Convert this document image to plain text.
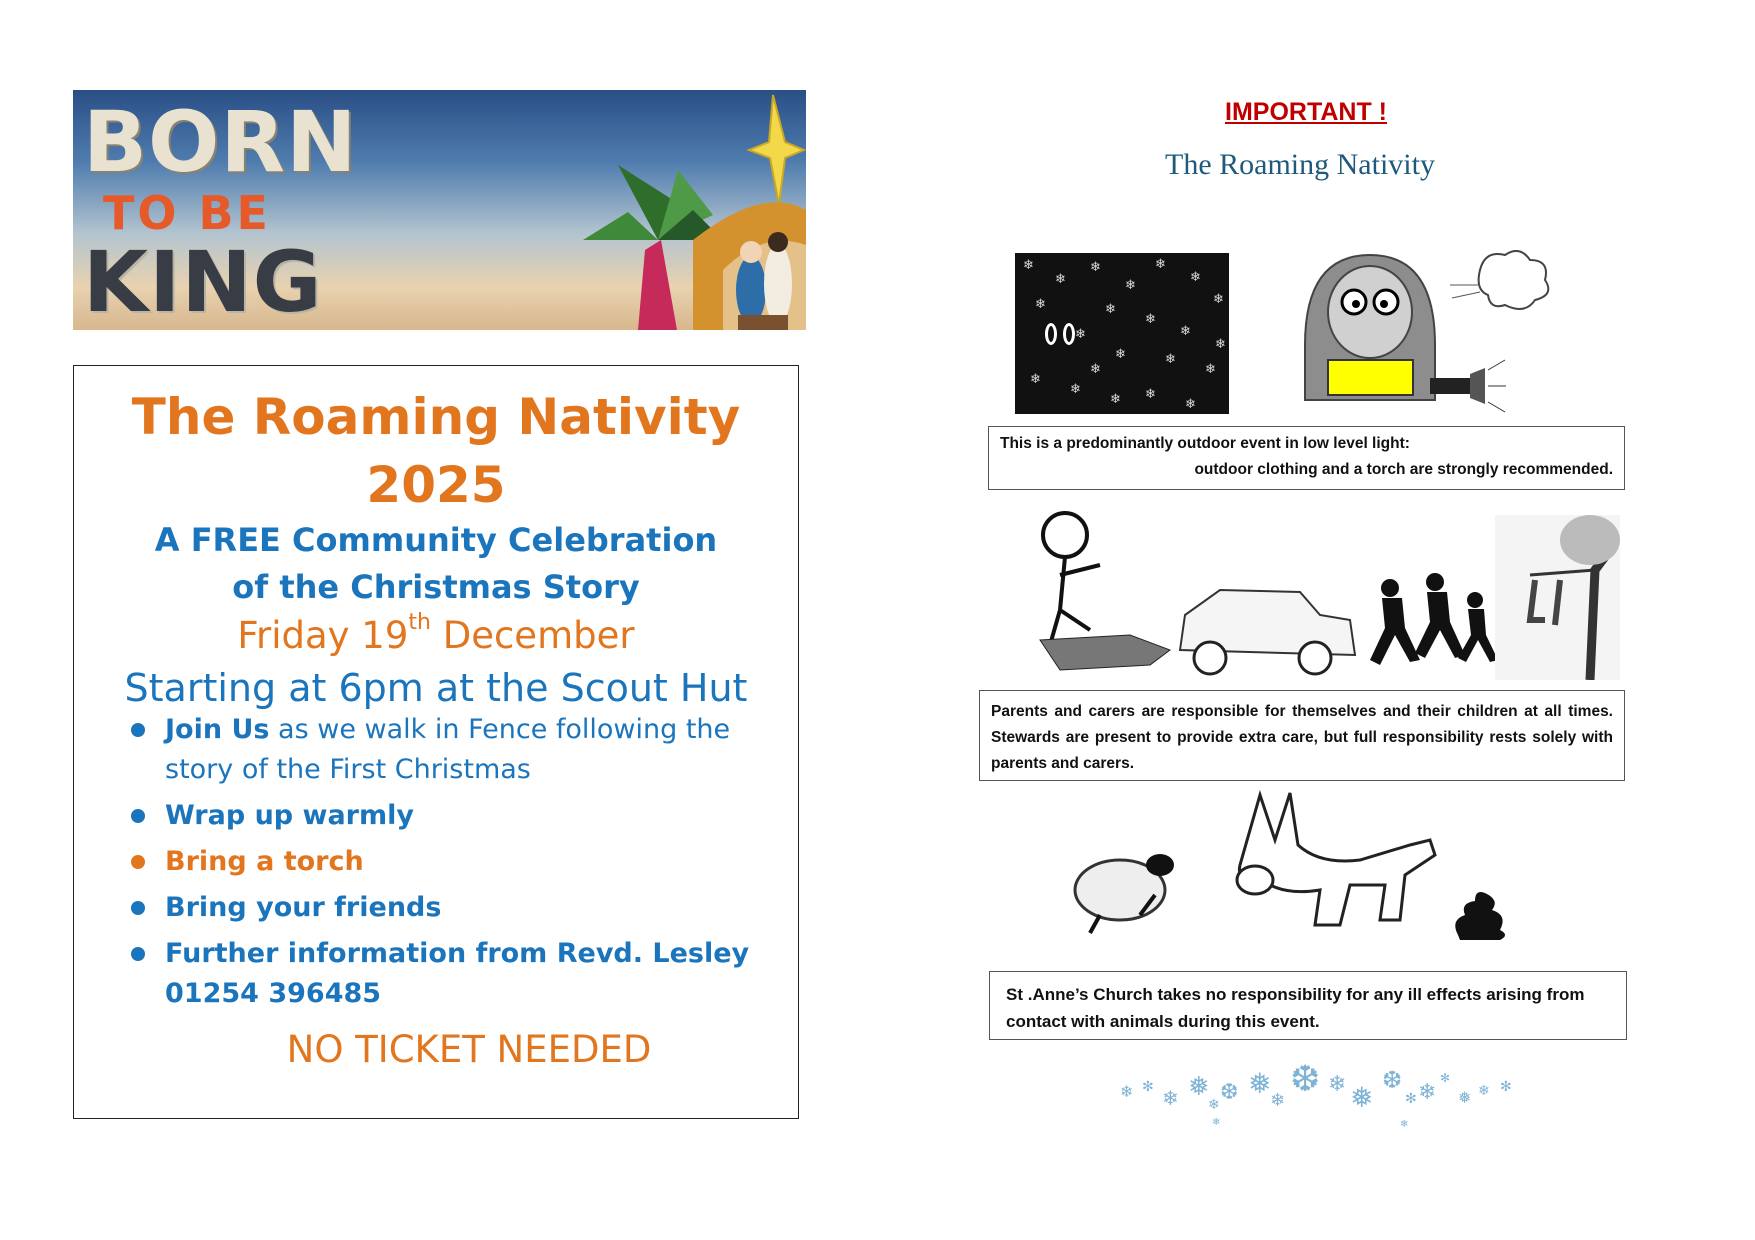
BORN
TO BE
KING
The Roaming Nativity
2025
A FREE Community Celebration
of the Christmas Story
Friday 19th December
Starting at 6pm at the Scout Hut
Join Us as we walk in Fence following the
story of the First Christmas
Wrap up warmly
Bring a torch
Bring your friends
Further information from Revd. Lesley
01254 396485
NO TICKET NEEDED
IMPORTANT !
The Roaming Nativity
❄
❄
❄
❄
❄
❄
❄
❄	❄
❄
❄
❄
❄	❄
❄
❄
❄
❄ ❄
❄
❄
❄
This is a predominantly outdoor event in low level light:
outdoor clothing and a torch are strongly recommended.
Parents and carers are responsible for themselves and their children at all times. Stewards are present to provide extra care, but full responsibility rests solely with parents and carers.
St .Anne’s Church takes no responsibility for any ill effects arising from contact with animals during this event.
❄ ✻ ❄ ❅
❄ ❆ ❅
❄
❆ ❄ ❅
❆
✻ ❄
✻
❅ ❄ ✻
❄	❄
